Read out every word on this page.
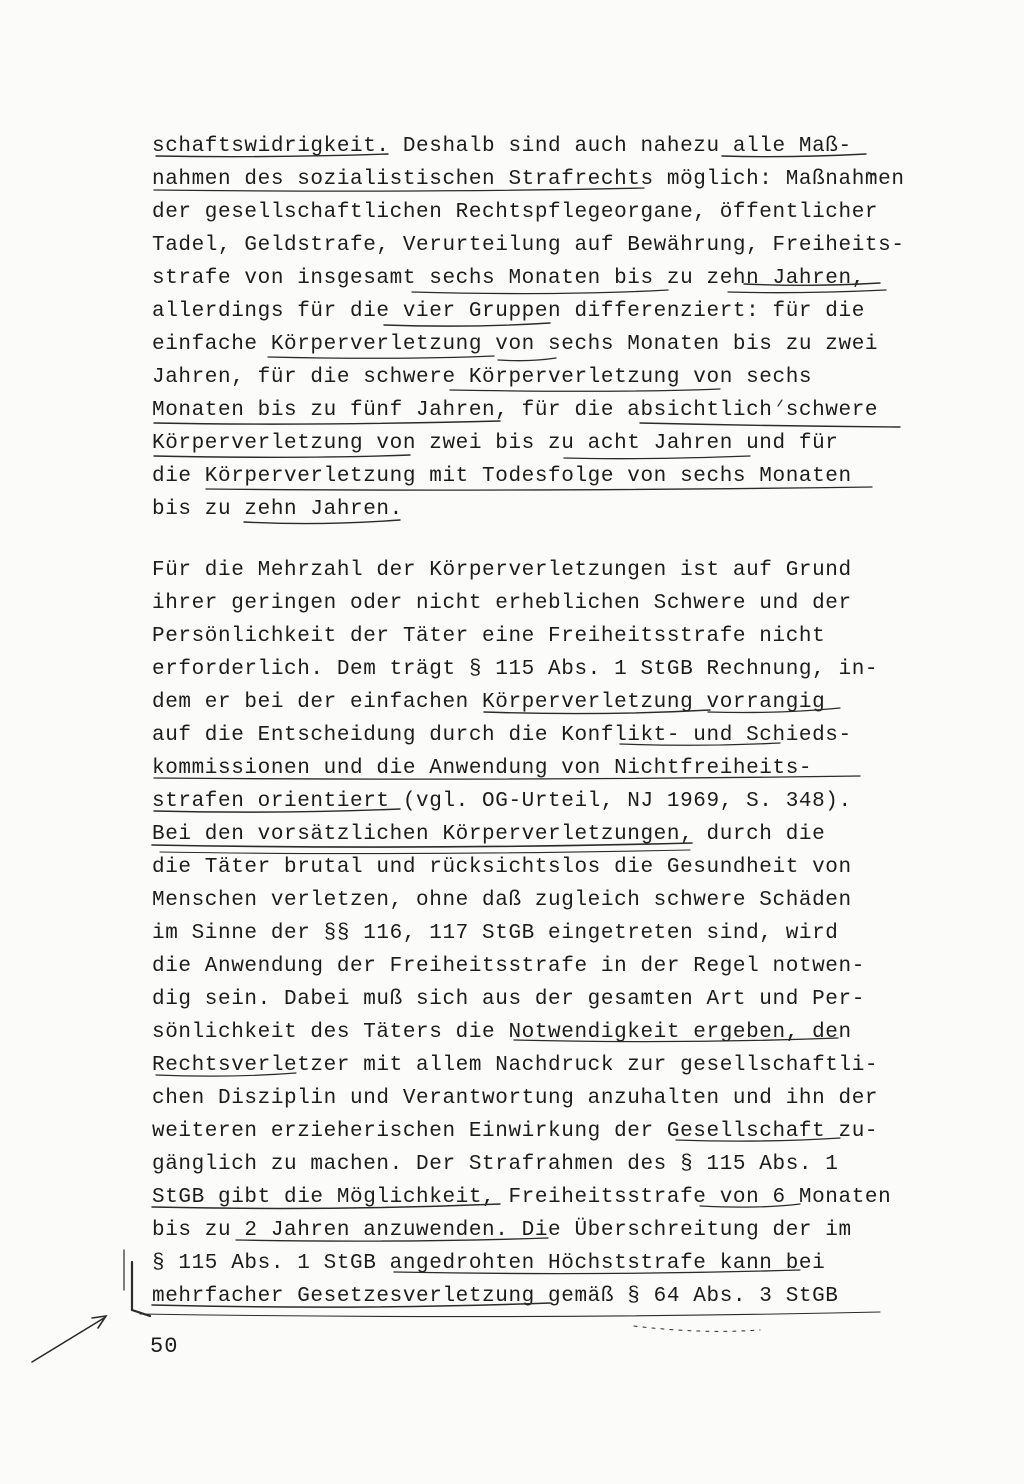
schaftswidrigkeit. Deshalb sind auch nahezu alle Maß-
nahmen des sozialistischen Strafrechts möglich: Maßnahmen
der gesellschaftlichen Rechtspflegeorgane, öffentlicher
Tadel, Geldstrafe, Verurteilung auf Bewährung, Freiheits-
strafe von insgesamt sechs Monaten bis zu zehn Jahren,
allerdings für die vier Gruppen differenziert: für die
einfache Körperverletzung von sechs Monaten bis zu zwei
Jahren, für die schwere Körperverletzung von sechs
Monaten bis zu fünf Jahren, für die absichtlich schwere
Körperverletzung von zwei bis zu acht Jahren und für
die Körperverletzung mit Todesfolge von sechs Monaten
bis zu zehn Jahren.
Für die Mehrzahl der Körperverletzungen ist auf Grund
ihrer geringen oder nicht erheblichen Schwere und der
Persönlichkeit der Täter eine Freiheitsstrafe nicht
erforderlich. Dem trägt § 115 Abs. 1 StGB Rechnung, in-
dem er bei der einfachen Körperverletzung vorrangig
auf die Entscheidung durch die Konflikt- und Schieds-
kommissionen und die Anwendung von Nichtfreiheits-
strafen orientiert (vgl. OG-Urteil, NJ 1969, S. 348).
Bei den vorsätzlichen Körperverletzungen, durch die
die Täter brutal und rücksichtslos die Gesundheit von
Menschen verletzen, ohne daß zugleich schwere Schäden
im Sinne der §§ 116, 117 StGB eingetreten sind, wird
die Anwendung der Freiheitsstrafe in der Regel notwen-
dig sein. Dabei muß sich aus der gesamten Art und Per-
sönlichkeit des Täters die Notwendigkeit ergeben, den
Rechtsverletzer mit allem Nachdruck zur gesellschaftli-
chen Disziplin und Verantwortung anzuhalten und ihn der
weiteren erzieherischen Einwirkung der Gesellschaft zu-
gänglich zu machen. Der Strafrahmen des § 115 Abs. 1
StGB gibt die Möglichkeit, Freiheitsstrafe von 6 Monaten
bis zu 2 Jahren anzuwenden. Die Überschreitung der im
§ 115 Abs. 1 StGB angedrohten Höchststrafe kann bei
mehrfacher Gesetzesverletzung gemäß § 64 Abs. 3 StGB
50
